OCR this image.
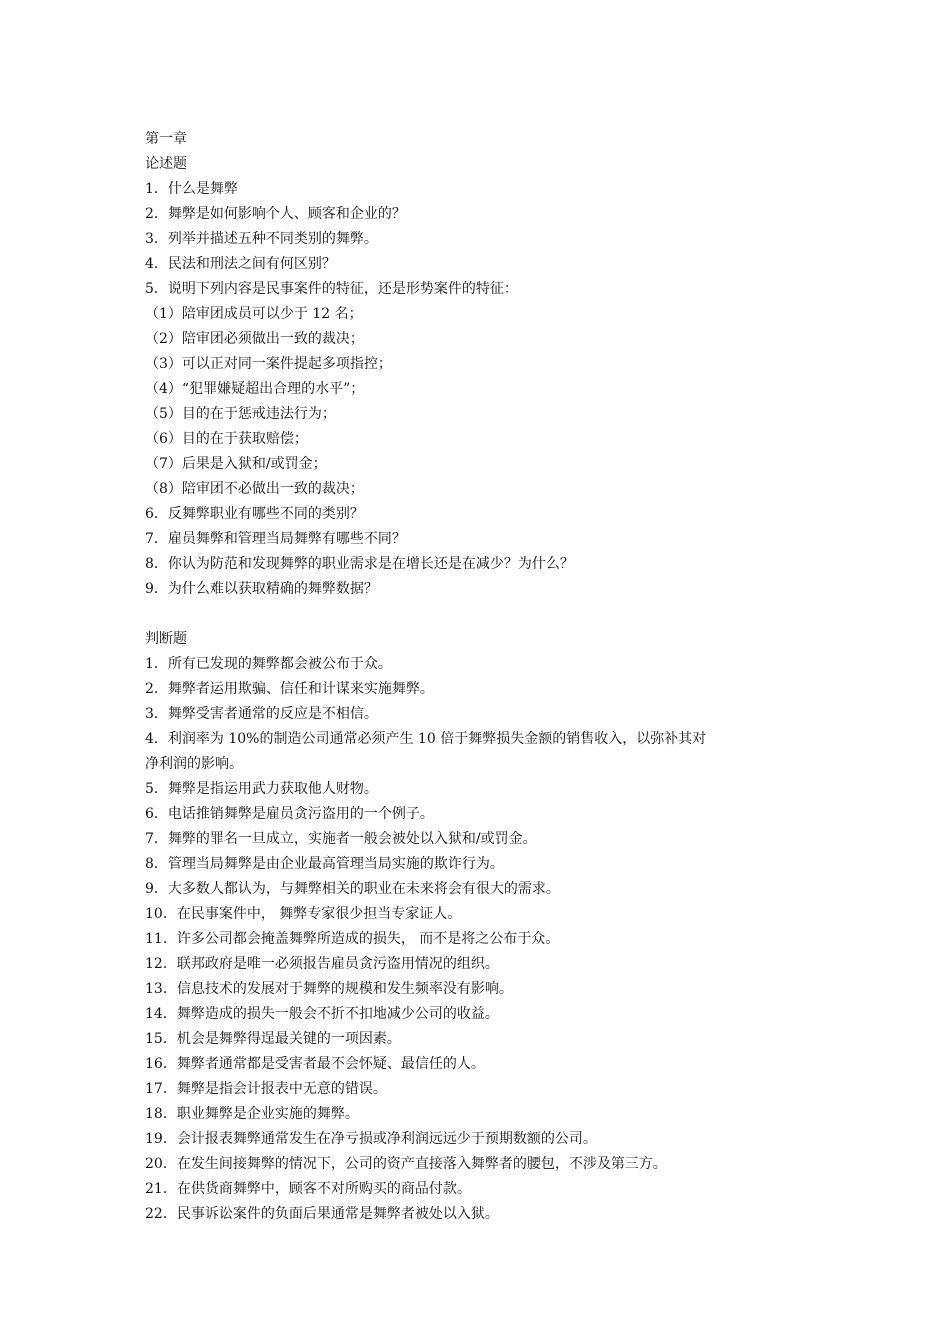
第一章
论述题
1．什么是舞弊
2．舞弊是如何影响个人、顾客和企业的？
3．列举并描述五种不同类别的舞弊。
4．民法和刑法之间有何区别？
5．说明下列内容是民事案件的特征，还是形势案件的特征：
（1）陪审团成员可以少于 12 名；
（2）陪审团必须做出一致的裁决；
（3）可以正对同一案件提起多项指控；
（4）“犯罪嫌疑超出合理的水平”；
（5）目的在于惩戒违法行为；
（6）目的在于获取赔偿；
（7）后果是入狱和/或罚金；
（8）陪审团不必做出一致的裁决；
6．反舞弊职业有哪些不同的类别？
7．雇员舞弊和管理当局舞弊有哪些不同？
8．你认为防范和发现舞弊的职业需求是在增长还是在减少？为什么？
9．为什么难以获取精确的舞弊数据？
判断题
1．所有已发现的舞弊都会被公布于众。
2．舞弊者运用欺骗、信任和计谋来实施舞弊。
3．舞弊受害者通常的反应是不相信。
4．利润率为 10%的制造公司通常必须产生 10 倍于舞弊损失金额的销售收入，以弥补其对
净利润的影响。
5．舞弊是指运用武力获取他人财物。
6．电话推销舞弊是雇员贪污盗用的一个例子。
7．舞弊的罪名一旦成立，实施者一般会被处以入狱和/或罚金。
8．管理当局舞弊是由企业最高管理当局实施的欺诈行为。
9．大多数人都认为，与舞弊相关的职业在未来将会有很大的需求。
10．在民事案件中， 舞弊专家很少担当专家证人。
11．许多公司都会掩盖舞弊所造成的损失， 而不是将之公布于众。
12．联邦政府是唯一必须报告雇员贪污盗用情况的组织。
13．信息技术的发展对于舞弊的规模和发生频率没有影响。
14．舞弊造成的损失一般会不折不扣地减少公司的收益。
15．机会是舞弊得逞最关键的一项因素。
16．舞弊者通常都是受害者最不会怀疑、最信任的人。
17．舞弊是指会计报表中无意的错误。
18．职业舞弊是企业实施的舞弊。
19．会计报表舞弊通常发生在净亏损或净利润远远少于预期数额的公司。
20．在发生间接舞弊的情况下，公司的资产直接落入舞弊者的腰包，不涉及第三方。
21．在供货商舞弊中，顾客不对所购买的商品付款。
22．民事诉讼案件的负面后果通常是舞弊者被处以入狱。
